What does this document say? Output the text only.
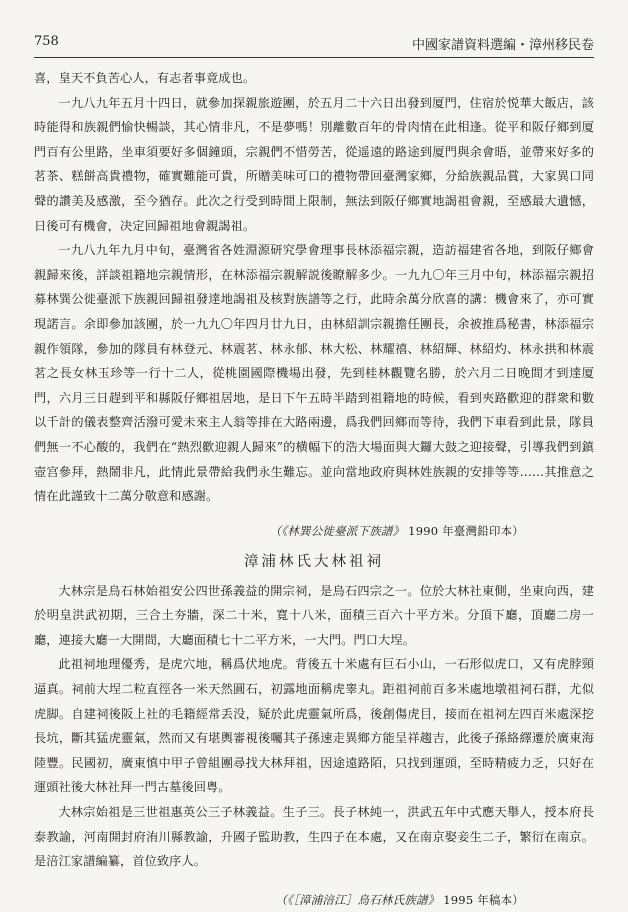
758	中國家譜資料選編・漳州移民卷

喜，皇天不負苦心人，有志者事竟成也。

一九八九年五月十四日，就參加探親旅遊團，於五月二十六日出發到厦門，住宿於悦華大飯店，該時能得和族親們愉快暢談，其心情非凡，不是夢嗎！別離數百年的骨肉情在此相逢。從平和阪仔鄉到厦門百有公里路，坐車須要好多個鐘頭，宗親們不惜勞苦，從遥遠的路途到厦門與余會晤，並帶來好多的茗茶、糕餅高貴禮物，確實難能可貴，所贈美味可口的禮物帶回臺灣家鄉，分給族親品賞，大家異口同聲的讚美及感激，至今猶存。此次之行受到時間上限制，無法到阪仔鄉實地謁祖會親，至感最大遺憾，日後可有機會，决定回歸祖地會親謁祖。

一九八九年九月中旬，臺灣省各姓淵源研究學會理事長林添福宗親，造訪福建省各地，到阪仔鄉會親歸來後，詳談祖籍地宗親情形，在林添福宗親解説後瞭解多少。一九九〇年三月中旬，林添福宗親招募林巽公徙臺派下族親回歸祖發達地謁祖及核對族譜等之行，此時余萬分欣喜的講：機會來了，亦可實現諾言。余即參加該團，於一九九〇年四月廿九日，由林紹訓宗親擔任團長，余被推爲秘書，林添福宗親作領隊，參加的隊員有林登元、林震茗、林永郁、林大松、林耀禧、林紹輝、林紹灼、林永拱和林震茗之長女林玉珍等一行十二人，從桃園國際機場出發，先到桂林觀覽名勝，於六月二日晚間才到達厦門，六月三日趕到平和縣阪仔鄉祖居地，是日下午五時半踏到祖籍地的時候，看到夾路歡迎的群衆和數以千計的儀表整齊活潑可愛未來主人翁等排在大路兩邊，爲我們回鄉而等待，我們下車看到此景，隊員們無一不心酸的，我們在“熱烈歡迎親人歸來”的横幅下的浩大場面與大鑼大鼓之迎接聲，引導我們到鎮壺宫參拜，熱鬧非凡，此情此景帶給我們永生難忘。並向當地政府與林姓族親的安排等等……其推意之情在此謹致十二萬分敬意和感謝。

（《林巽公徙臺派下族譜》 1990 年臺灣鉛印本）
漳浦林氏大林祖祠

大林宗是烏石林始祖安公四世孫義益的開宗祠，是烏石四宗之一。位於大林社東側，坐東向西，建於明皇洪武初期，三合土夯牆，深二十米，寬十八米，面積三百六十平方米。分頂下廳，頂廳二房一廳，連接大廳一大開間，大廳面積七十二平方米，一大門。門口大埕。

此祖祠地理優秀，是虎穴地，稱爲伏地虎。背後五十米處有巨石小山，一石形似虎口，又有虎脖頸逼真。祠前大埕二粒直徑各一米天然圓石，初露地面稱虎睾丸。距祖祠前百多米處地墩祖祠石群，尤似虎脚。自建祠後阪上社的毛籍經常丢没，疑於此虎靈氣所爲，後創傷虎目，接而在祖祠左四百米處深挖長坑，斷其猛虎靈氣，然而又有堪輿審視後囑其子孫速走異鄉方能呈祥趨吉，此後子孫絡繹遷於廣東海陸豐。民國初，廣東慎中甲子曾組團尋找大林拜祖，因途遠路陌，只找到運頭，至時精疲力乏，只好在運頭社後大林社拜一門古墓後回粤。

大林宗始祖是三世祖惠英公三子林義益。生子三。長子林純一，洪武五年中式應天舉人，授本府長泰教諭，河南開封府洧川縣教諭，升國子監助教，生四子在本處，又在南京娶妾生二子，繁衍在南京。是涪江家譜編纂，首位致序人。

（《［漳浦涪江］烏石林氏族譜》 1995 年稿本）
